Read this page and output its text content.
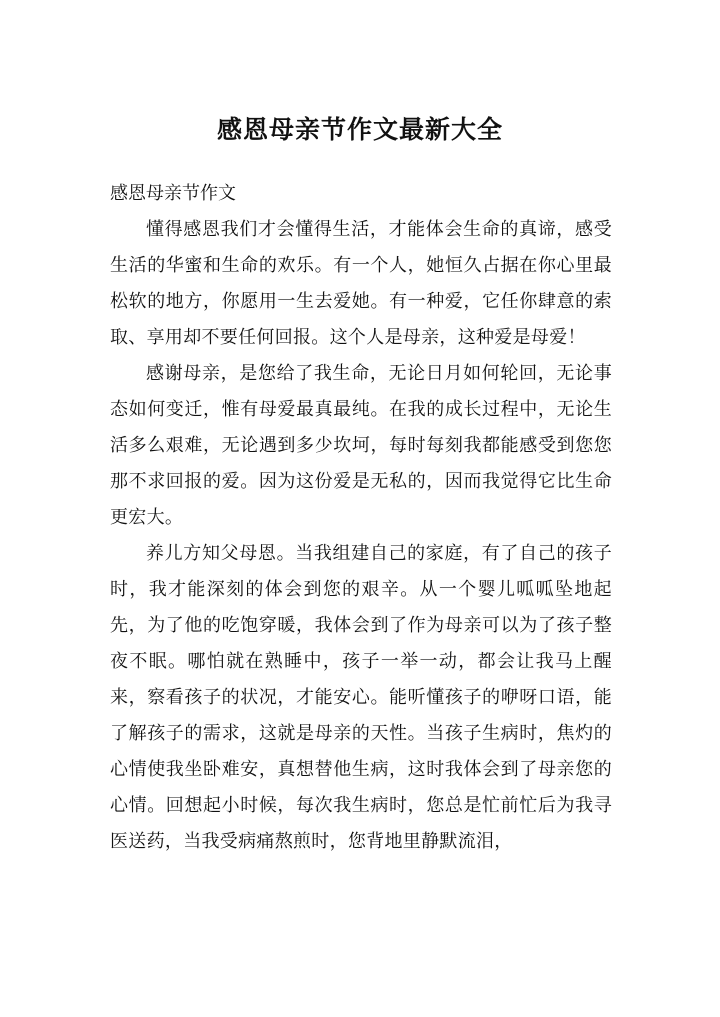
感恩母亲节作文最新大全
感恩母亲节作文

懂得感恩我们才会懂得生活，才能体会生命的真谛，感受生活的华蜜和生命的欢乐。有一个人，她恒久占据在你心里最松软的地方，你愿用一生去爱她。有一种爱，它任你肆意的索取、享用却不要任何回报。这个人是母亲，这种爱是母爱！

感谢母亲，是您给了我生命，无论日月如何轮回，无论事态如何变迁，惟有母爱最真最纯。在我的成长过程中，无论生活多么艰难，无论遇到多少坎坷，每时每刻我都能感受到您您那不求回报的爱。因为这份爱是无私的，因而我觉得它比生命更宏大。

养儿方知父母恩。当我组建自己的家庭，有了自己的孩子时，我才能深刻的体会到您的艰辛。从一个婴儿呱呱坠地起先，为了他的吃饱穿暖，我体会到了作为母亲可以为了孩子整夜不眠。哪怕就在熟睡中，孩子一举一动，都会让我马上醒来，察看孩子的状况，才能安心。能听懂孩子的咿呀口语，能了解孩子的需求，这就是母亲的天性。当孩子生病时，焦灼的心情使我坐卧难安，真想替他生病，这时我体会到了母亲您的心情。回想起小时候，每次我生病时，您总是忙前忙后为我寻医送药，当我受病痛熬煎时，您背地里静默流泪，
